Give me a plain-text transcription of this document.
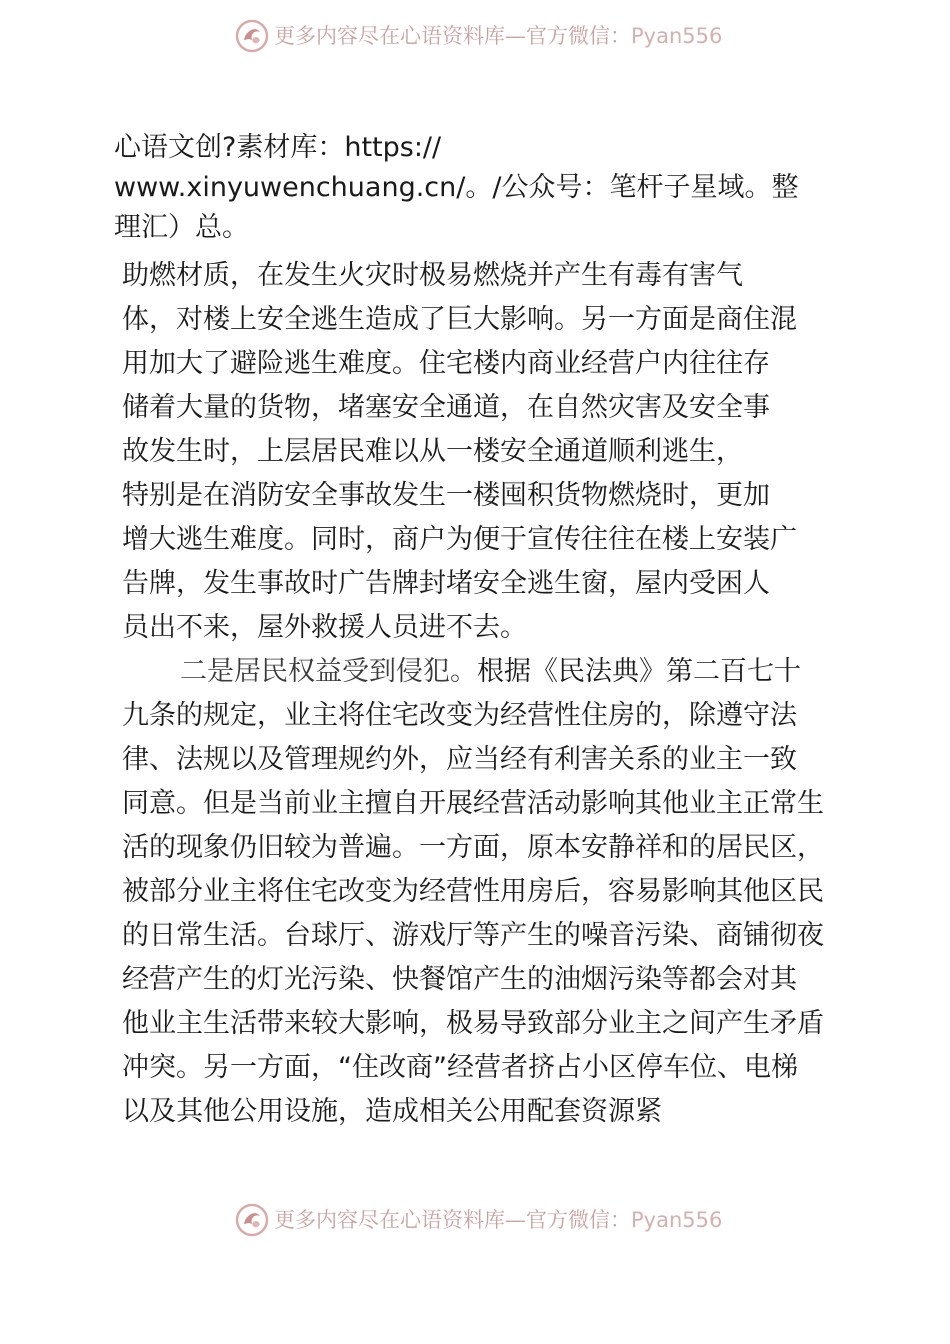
更多内容尽在心语资料库—官方微信：Pyan556
心语文创?素材库：https://
www.xinyuwenchuang.cn/。/公众号：笔杆子星域。整
理汇）总。
助燃材质，在发生火灾时极易燃烧并产生有毒有害气
体，对楼上安全逃生造成了巨大影响。另一方面是商住混
用加大了避险逃生难度。住宅楼内商业经营户内往往存
储着大量的货物，堵塞安全通道，在自然灾害及安全事
故发生时，上层居民难以从一楼安全通道顺利逃生，
特别是在消防安全事故发生一楼囤积货物燃烧时，更加
增大逃生难度。同时，商户为便于宣传往往在楼上安装广
告牌，发生事故时广告牌封堵安全逃生窗，屋内受困人
员出不来，屋外救援人员进不去。
二是居民权益受到侵犯。根据《民法典》第二百七十
九条的规定，业主将住宅改变为经营性住房的，除遵守法
律、法规以及管理规约外，应当经有利害关系的业主一致
同意。但是当前业主擅自开展经营活动影响其他业主正常生
活的现象仍旧较为普遍。一方面，原本安静祥和的居民区，
被部分业主将住宅改变为经营性用房后，容易影响其他区民
的日常生活。台球厅、游戏厅等产生的噪音污染、商铺彻夜
经营产生的灯光污染、快餐馆产生的油烟污染等都会对其
他业主生活带来较大影响，极易导致部分业主之间产生矛盾
冲突。另一方面，“住改商”经营者挤占小区停车位、电梯
以及其他公用设施，造成相关公用配套资源紧
更多内容尽在心语资料库—官方微信：Pyan556
